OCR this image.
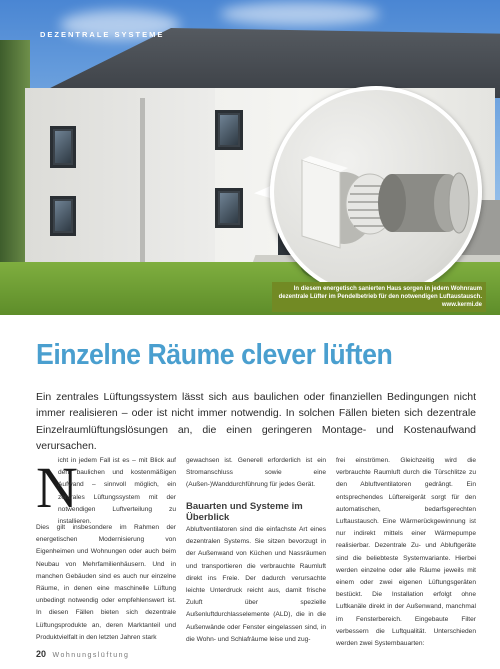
DEZENTRALE SYSTEME

In diesem energetisch sanierten Haus sorgen in jedem Wohnraum dezentrale Lüfter im Pendelbetrieb für den notwendigen Luftaustausch. www.kermi.de

Einzelne Räume clever lüften

Ein zentrales Lüftungssystem lässt sich aus baulichen oder finanziellen Bedingungen nicht immer realisieren – oder ist nicht immer notwendig. In solchen Fällen bieten sich dezentrale Einzelraumlüftungslösungen an, die einen geringeren Montage- und Kostenaufwand verursachen.

N

icht in jedem Fall ist es – mit Blick auf den baulichen und kostenmäßigen Aufwand – sinnvoll möglich, ein zentrales Lüftungssystem mit der notwendigen Luftverteilung zu installieren.

Dies gilt insbesondere im Rahmen der energetischen Modernisierung von Eigenheimen und Wohnungen oder auch beim Neubau von Mehrfamilienhäusern. Und in manchen Gebäuden sind es auch nur einzelne Räume, in denen eine maschinelle Lüftung unbedingt notwendig oder empfehlenswert ist. In diesen Fällen bieten sich dezentrale Lüftungsprodukte an, deren Marktanteil und Produktvielfalt in den letzten Jahren stark

gewachsen ist. Generell erforderlich ist ein Stromanschluss sowie eine (Außen-)Wanddurchführung für jedes Gerät.

Bauarten und Systeme im Überblick

Abluftventilatoren sind die einfachste Art eines dezentralen Systems. Sie sitzen bevorzugt in der Außenwand von Küchen und Nassräumen und transportieren die verbrauchte Raumluft direkt ins Freie. Der dadurch verursachte leichte Unterdruck reicht aus, damit frische Zuluft über spezielle Außenluftdurchlasselemente (ALD), die in die Außenwände oder Fenster eingelassen sind, in die Wohn- und Schlafräume leise und zug-

frei einströmen. Gleichzeitig wird die verbrauchte Raumluft durch die Türschlitze zu den Abluftventilatoren gedrängt. Ein entsprechendes Lüftereigerät sorgt für den automatischen, bedarfsgerechten Luftaustausch. Eine Wärmerückgewinnung ist nur indirekt mittels einer Wärmepumpe realisierbar. Dezentrale Zu- und Abluftgeräte sind die beliebteste Systemvariante. Hierbei werden einzelne oder alle Räume jeweils mit einem oder zwei eigenen Lüftungsgeräten bestückt. Die Installation erfolgt ohne Luftkanäle direkt in der Außenwand, manchmal im Fensterbereich. Eingebaute Filter verbessern die Luftqualität. Unterschieden werden zwei Systembauarten:

20 Wohnungslüftung
